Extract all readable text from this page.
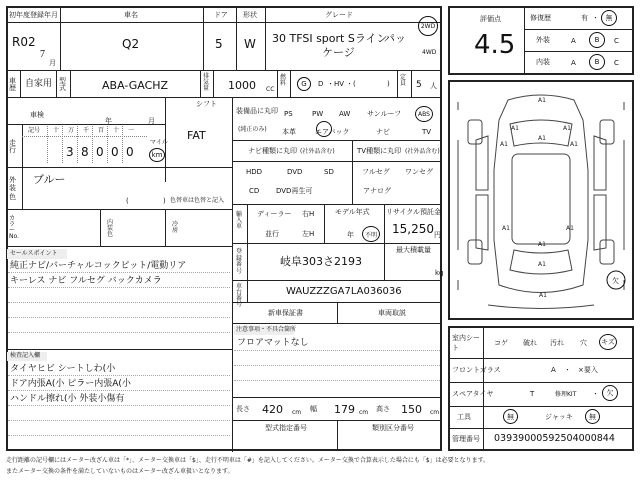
初年度登録年月
R02
7
月
車名
Q2
ドア
5
形状
W
グレード
30 TFSI sport Sライン
パッ
ケージ
2WD
4WD
車歴 自家用 型式	ABA-GACHZ
排気量 1000 CC
燃料 G D ・HV ・(	)
定員 5 人
シフト
FAT
車検
年	月
走行
記号 十 万 千 百 十 一
3 8 0 0 0
マイル
km
外装色
ブルー
(	) 色替車は色替と記入
カラーNo.
内装色
冷房
セールスポイント
純正ナビ/バーチャルコックピット/電動リア
キーレス ナビ フルセグ バックカメラ
検査記入欄
タイヤヒビ シートしわ(小
ドア内張A(小 ピラー内張A(小
ハンドル擦れ(小 外装小傷有
装備品に丸印
(純正のみ)
PS	PW AW サンルーフ	ABS
本革	エアバック	ナビ	TV
ナビ種類に丸印 (社外品含む)
HDD	DVD	SD
CD DVD再生可
TV種類に丸印 (社外品含む)
フルセグ ワンセグ
アナログ
輸入車
ディーラー
並行
右H
左H
モデル年式
年 不明
リサイクル預託金
15,250 円
登録番号
岐阜303さ2193
最大積載量
kg
車台番号
WAUZZZGA7LA036036
新車保証書	車両取説
注意事項・不具合箇所
フロアマットなし
長さ 420 cm 幅 179 cm 高さ 150 cm
型式指定番号	類別区分番号
評価点
4.5
修復歴	有 ・ 無
外装	A	B C
内装	A	B C
A1
A1
A1
A1
A1	A1
A1	A1
A1
A1
A1
欠
室内シート
コゲ 破れ 汚れ 穴 キズ
フロントガラス	A ・ ×要入
スペアタイヤ	T	修理KIT ・ 欠
工具	無	ジャッキ 無
管理番号 03939000592504000844
走行距離の記号欄にはメーター改ざん車は「*」、メーター交換車は「$」、走行不明車は「#」を記入してください。メーター交換で合算表示した場合にも「$」は必要となります。
またメーター交換の条件を満たしていないものはメーター改ざん車扱いとなります。
